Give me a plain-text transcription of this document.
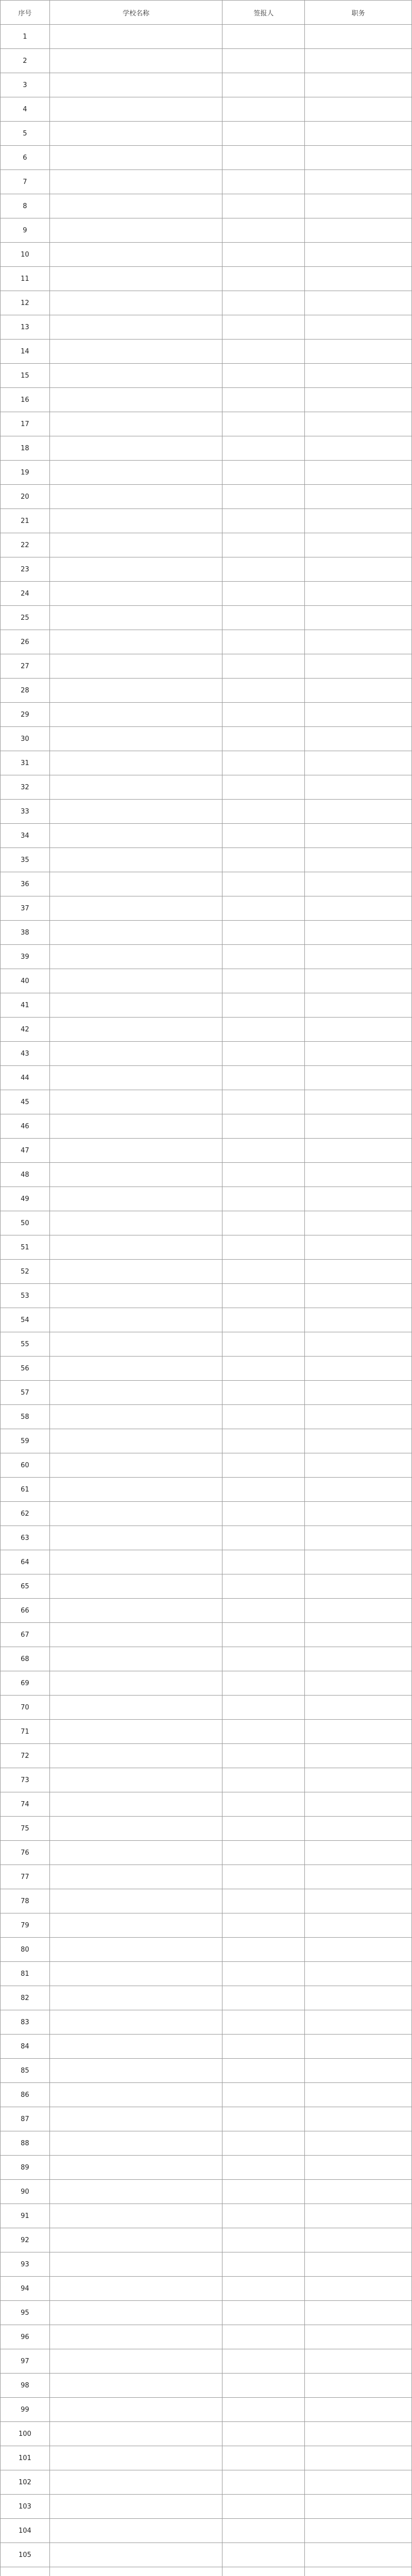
序号	学校名称	签报人	职务
1			
2			
3			
4			
5			
6			
7			
8			
9			
10			
11			
12			
13			
14			
15			
16			
17			
18			
19			
20			
21			
22			
23			
24			
25			
26			
27			
28			
29			
30			
31			
32			
33			
34			
35			
36			
37			
38			
39			
40			
41			
42			
43			
44			
45			
46			
47			
48			
49			
50			
51			
52			
53			
54			
55			
56			
57			
58			
59			
60			
61			
62			
63			
64			
65			
66			
67			
68			
69			
70			
71			
72			
73			
74			
75			
76			
77			
78			
79			
80			
81			
82			
83			
84			
85			
86			
87			
88			
89			
90			
91			
92			
93			
94			
95			
96			
97			
98			
99			
100			
101			
102			
103			
104			
105			
